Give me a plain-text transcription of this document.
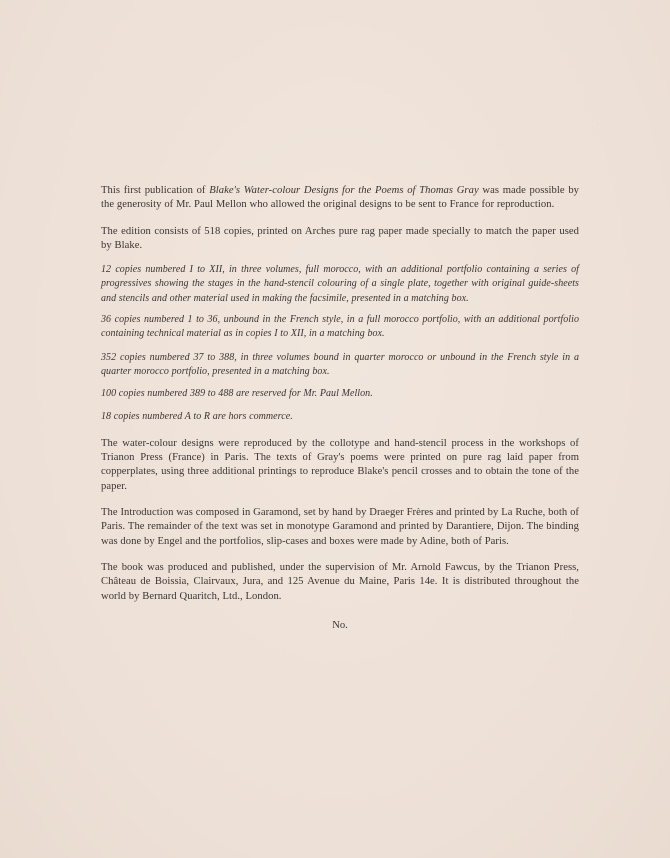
This first publication of Blake's Water-colour Designs for the Poems of Thomas Gray was made possible by the generosity of Mr. Paul Mellon who allowed the original designs to be sent to France for reproduction.

The edition consists of 518 copies, printed on Arches pure rag paper made specially to match the paper used by Blake.

12 copies numbered I to XII, in three volumes, full morocco, with an additional portfolio containing a series of progressives showing the stages in the hand-stencil colouring of a single plate, together with original guide-sheets and stencils and other material used in making the facsimile, presented in a matching box.

36 copies numbered 1 to 36, unbound in the French style, in a full morocco portfolio, with an additional portfolio containing technical material as in copies I to XII, in a matching box.

352 copies numbered 37 to 388, in three volumes bound in quarter morocco or unbound in the French style in a quarter morocco portfolio, presented in a matching box.

100 copies numbered 389 to 488 are reserved for Mr. Paul Mellon.

18 copies numbered A to R are hors commerce.

The water-colour designs were reproduced by the collotype and hand-stencil process in the workshops of Trianon Press (France) in Paris. The texts of Gray's poems were printed on pure rag laid paper from copperplates, using three additional printings to reproduce Blake's pencil crosses and to obtain the tone of the paper.

The Introduction was composed in Garamond, set by hand by Draeger Frères and printed by La Ruche, both of Paris. The remainder of the text was set in monotype Garamond and printed by Darantiere, Dijon. The binding was done by Engel and the portfolios, slip-cases and boxes were made by Adine, both of Paris.

The book was produced and published, under the supervision of Mr. Arnold Fawcus, by the Trianon Press, Château de Boissia, Clairvaux, Jura, and 125 Avenue du Maine, Paris 14e. It is distributed throughout the world by Bernard Quaritch, Ltd., London.

No.
